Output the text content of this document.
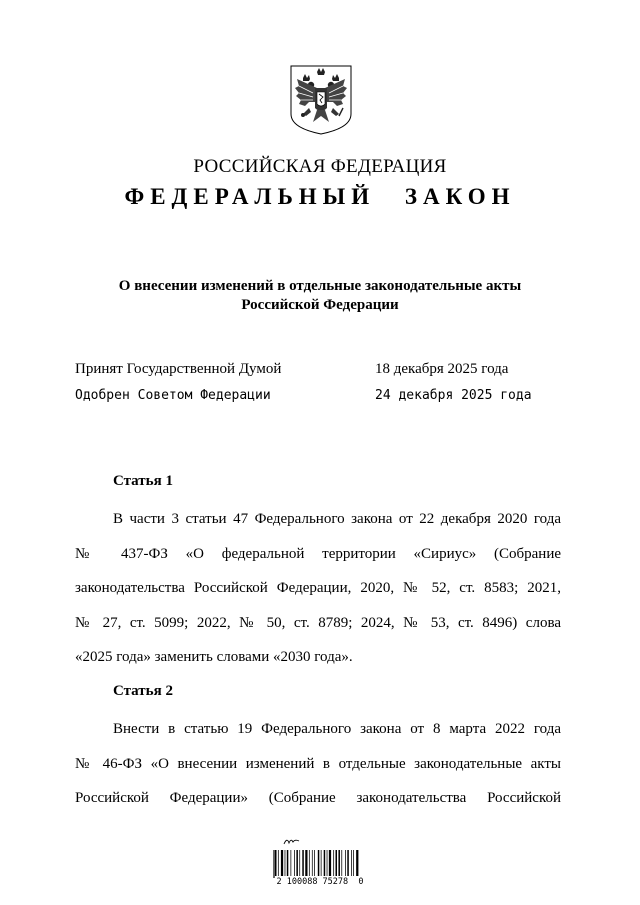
РОССИЙСКАЯ ФЕДЕРАЦИЯ
ФЕДЕРАЛЬНЫЙ ЗАКОН
О внесении изменений в отдельные законодательные акты
Российской Федерации
Принят Государственной Думой	18 декабря 2025 года
Одобрен Советом Федерации	24 декабря 2025 года
Статья 1
В части 3 статьи 47 Федерального закона от 22 декабря 2020 года
№ 437-ФЗ «О федеральной территории «Сириус» (Собрание
законодательства Российской Федерации, 2020, № 52, ст. 8583; 2021,
№ 27, ст. 5099; 2022, № 50, ст. 8789; 2024, № 53, ст. 8496) слова
«2025 года» заменить словами «2030 года».
Статья 2
Внести в статью 19 Федерального закона от 8 марта 2022 года
№ 46-ФЗ «О внесении изменений в отдельные законодательные акты
Российской Федерации» (Собрание законодательства Российской
2 100088 75278  0
